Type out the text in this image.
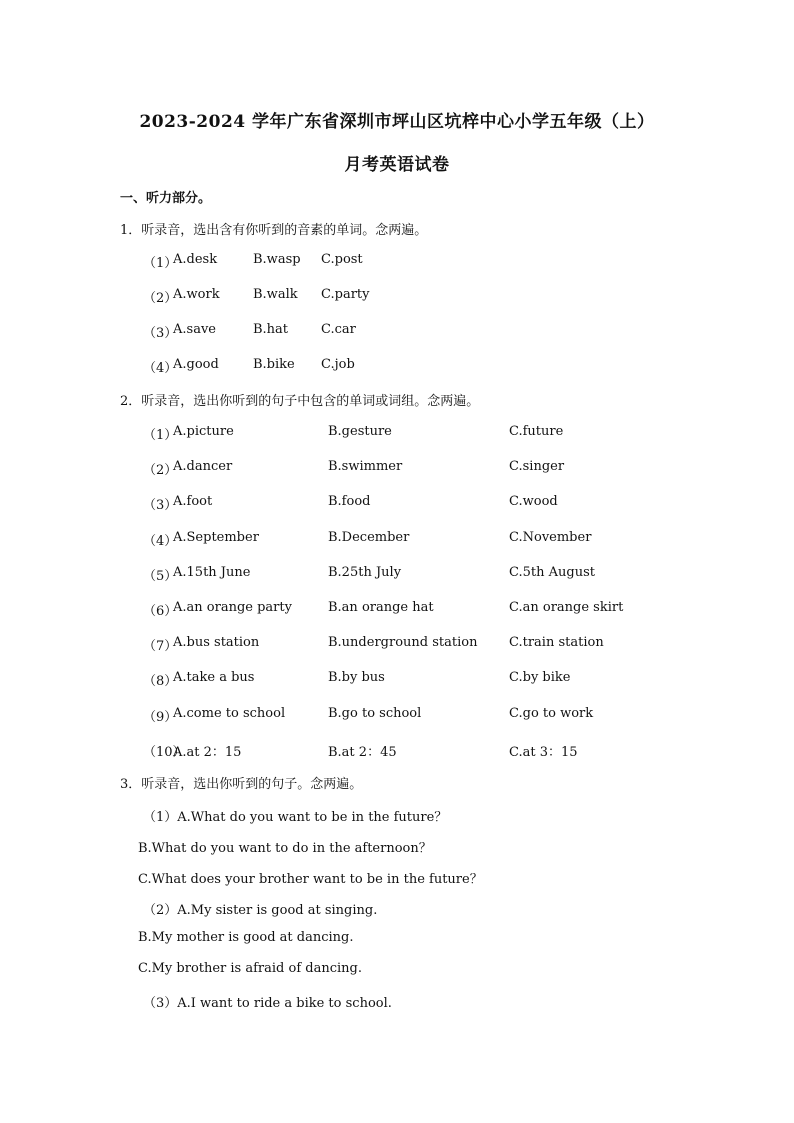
2023-2024 学年广东省深圳市坪山区坑梓中心小学五年级（上）
月考英语试卷
一、听力部分。
1．听录音，选出含有你听到的音素的单词。念两遍。
（1）
A.desk	B.wasp C.post
（2）
A.work	B.walk C.party
（3）
A.save	B.hat	C.car
（4）
A.good	B.bike C.job
2．听录音，选出你听到的句子中包含的单词或词组。念两遍。
（1）
A.picture	B.gesture	C.future
（2）
A.dancer	B.swimmer	C.singer
（3）
A.foot	B.food	C.wood
（4）
A.September	B.December	C.November
（5）
A.15th June	B.25th July	C.5th August
（6）
A.an orange party	B.an orange hat	C.an orange skirt
（7）
A.bus station	B.underground station C.train station
（8）
A.take a bus	B.by bus	C.by bike
（9）
A.come to school	B.go to school	C.go to work
（10）
A.at 2：15	B.at 2：45	C.at 3：15
3．听录音，选出你听到的句子。念两遍。
（1）A.What do you want to be in the future？
B.What do you want to do in the afternoon？
C.What does your brother want to be in the future？
（2）A.My sister is good at singing.
B.My mother is good at dancing.
C.My brother is afraid of dancing.
（3）A.I want to ride a bike to school.
